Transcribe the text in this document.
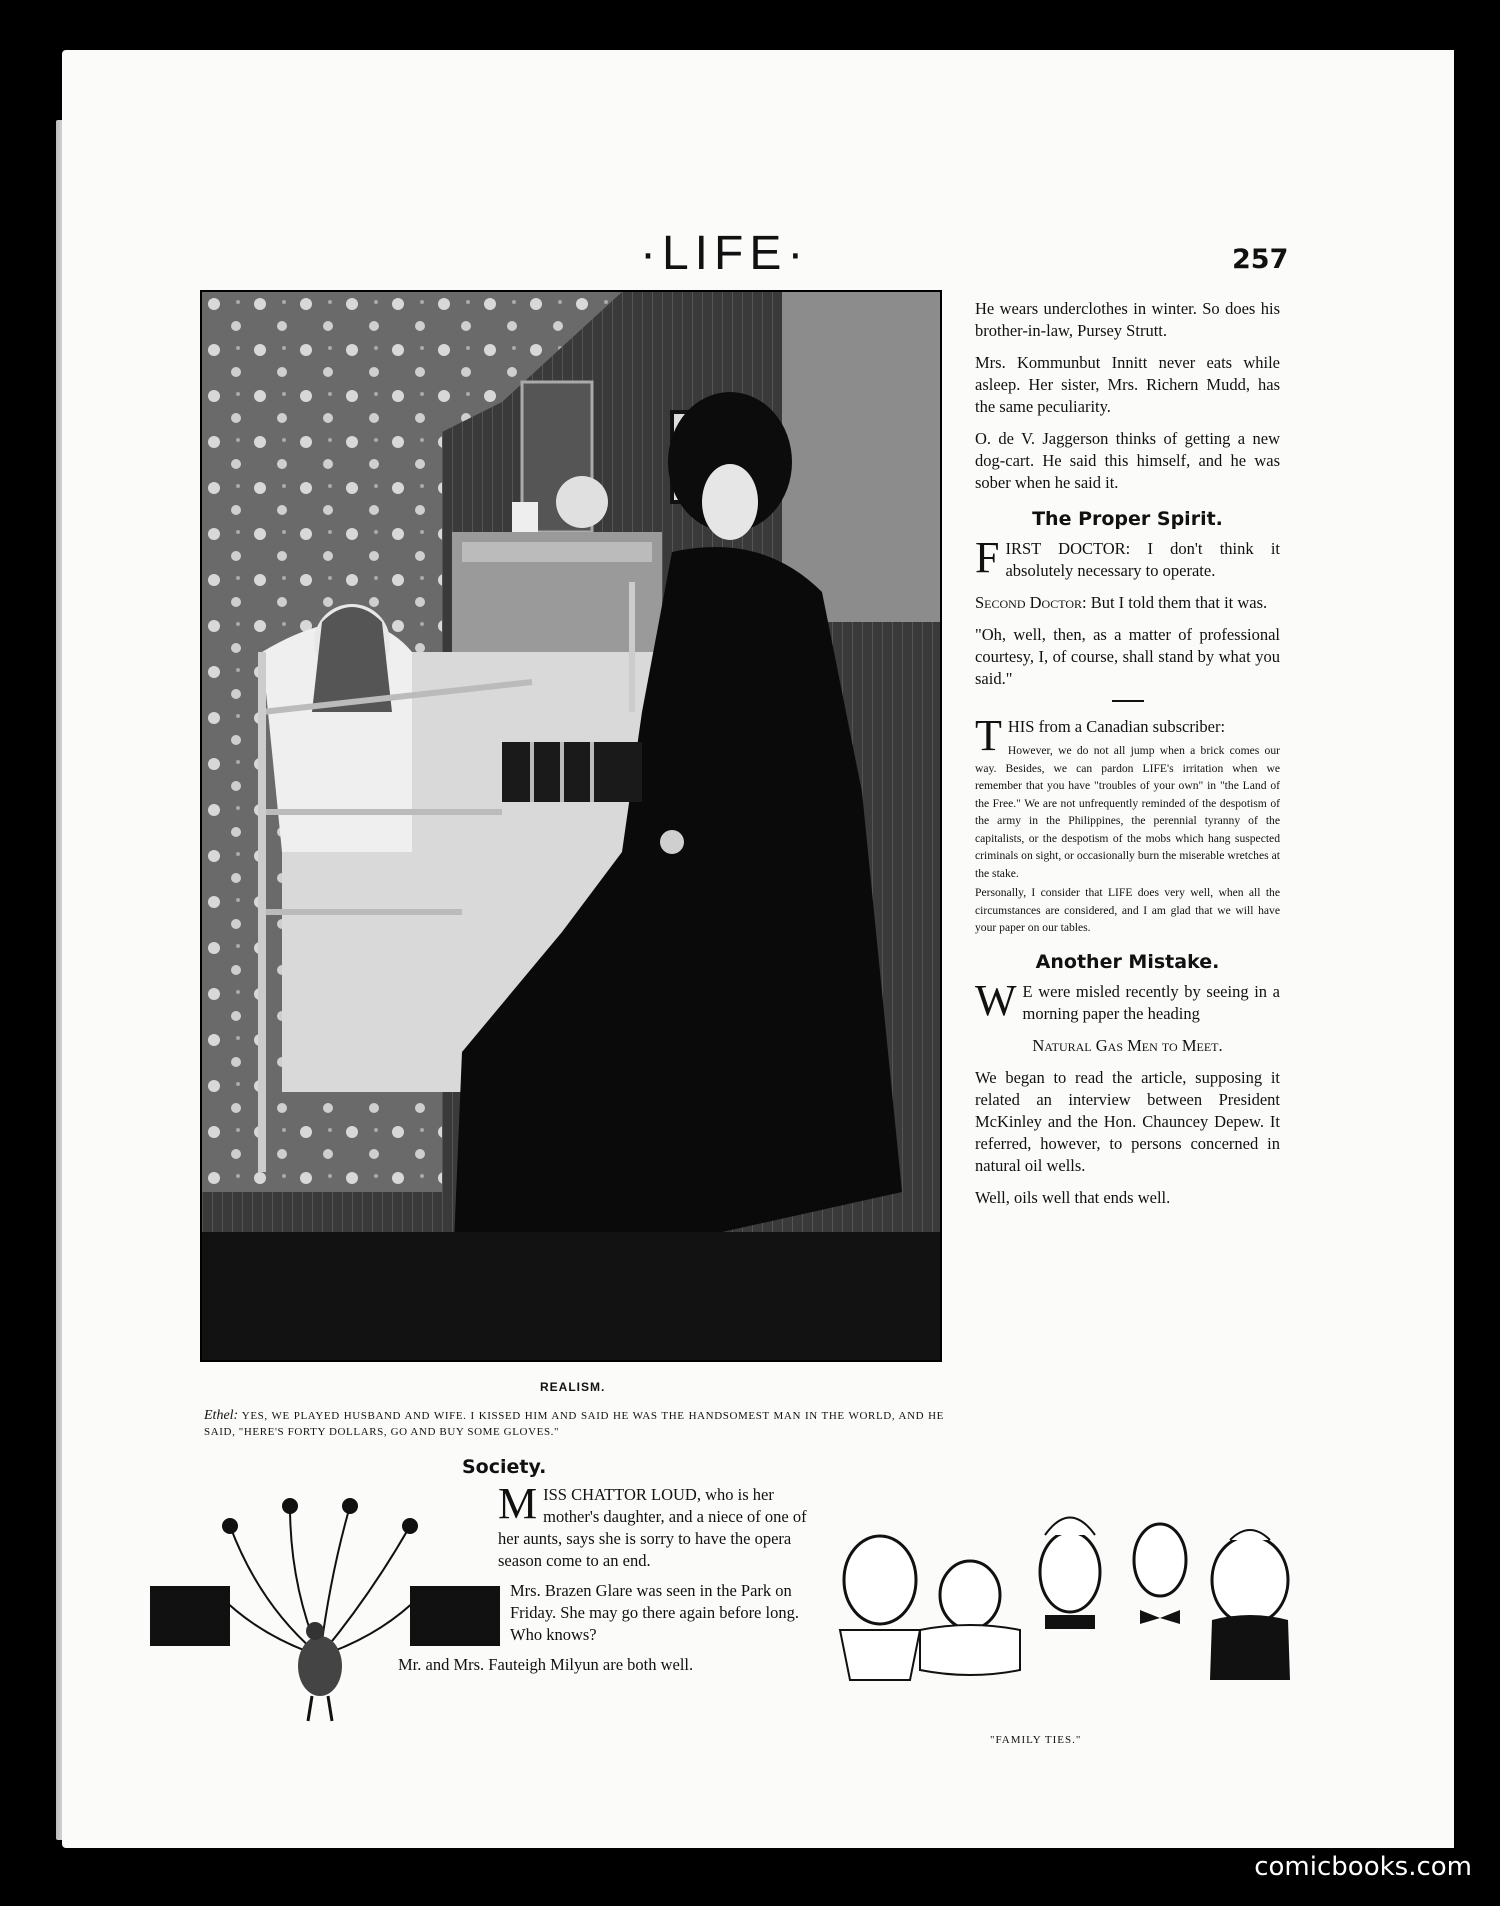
·LIFE·	257
REALISM.
Ethel: YES, WE PLAYED HUSBAND AND WIFE. I KISSED HIM AND SAID HE WAS THE HANDSOMEST MAN IN THE WORLD, AND HE SAID, "HERE'S FORTY DOLLARS, GO AND BUY SOME GLOVES."

He wears underclothes in winter. So does his brother-in-law, Pursey Strutt.

Mrs. Kommunbut Innitt never eats while asleep. Her sister, Mrs. Richern Mudd, has the same peculiarity.

O. de V. Jaggerson thinks of getting a new dog-cart. He said this himself, and he was sober when he said it.

The Proper Spirit.

FIRST DOCTOR: I don't think it absolutely necessary to operate.

Second Doctor: But I told them that it was.

"Oh, well, then, as a matter of professional courtesy, I, of course, shall stand by what you said."

THIS from a Canadian subscriber:

However, we do not all jump when a brick comes our way. Besides, we can pardon LIFE's irritation when we remember that you have "troubles of your own" in "the Land of the Free." We are not unfrequently reminded of the despotism of the army in the Philippines, the perennial tyranny of the capitalists, or the despotism of the mobs which hang suspected criminals on sight, or occasionally burn the miserable wretches at the stake.

Personally, I consider that LIFE does very well, when all the circumstances are considered, and I am glad that we will have your paper on our tables.

Another Mistake.

W E were misled recently by seeing in a morning paper the heading

Natural Gas Men to Meet.

We began to read the article, supposing it related an interview between President McKinley and the Hon. Chauncey Depew. It referred, however, to persons concerned in natural oil wells.

Well, oils well that ends well.

Society.

MISS CHATTOR LOUD, who is her mother's daughter, and a niece of one of her aunts, says she is sorry to have the opera season come to an end.

Mrs. Brazen Glare was seen in the Park on Friday. She may go there again before long. Who knows?

Mr. and Mrs. Fauteigh Milyun are both well.

"FAMILY TIES."
comicbooks.com
